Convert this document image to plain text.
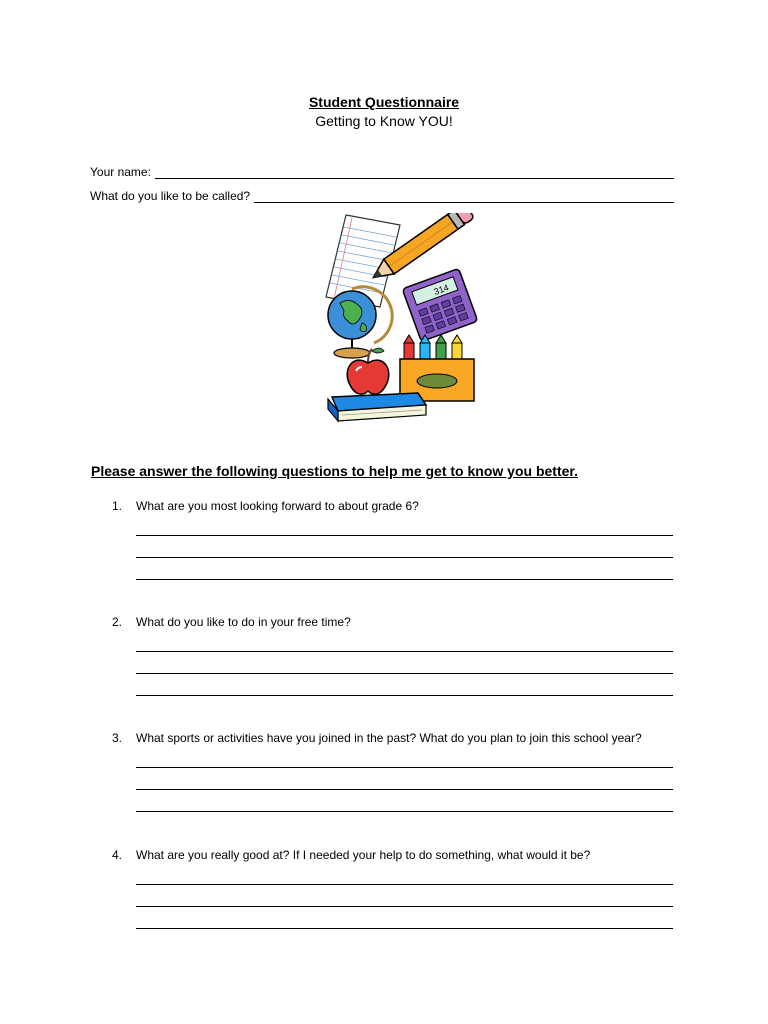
Student Questionnaire
Getting to Know YOU!
Your name:
What do you like to be called?
314
Please answer the following questions to help me get to know you better.
1. What are you most looking forward to about grade 6?
2. What do you like to do in your free time?
3. What sports or activities have you joined in the past? What do you plan to join this school year?
4. What are you really good at? If I needed your help to do something, what would it be?
